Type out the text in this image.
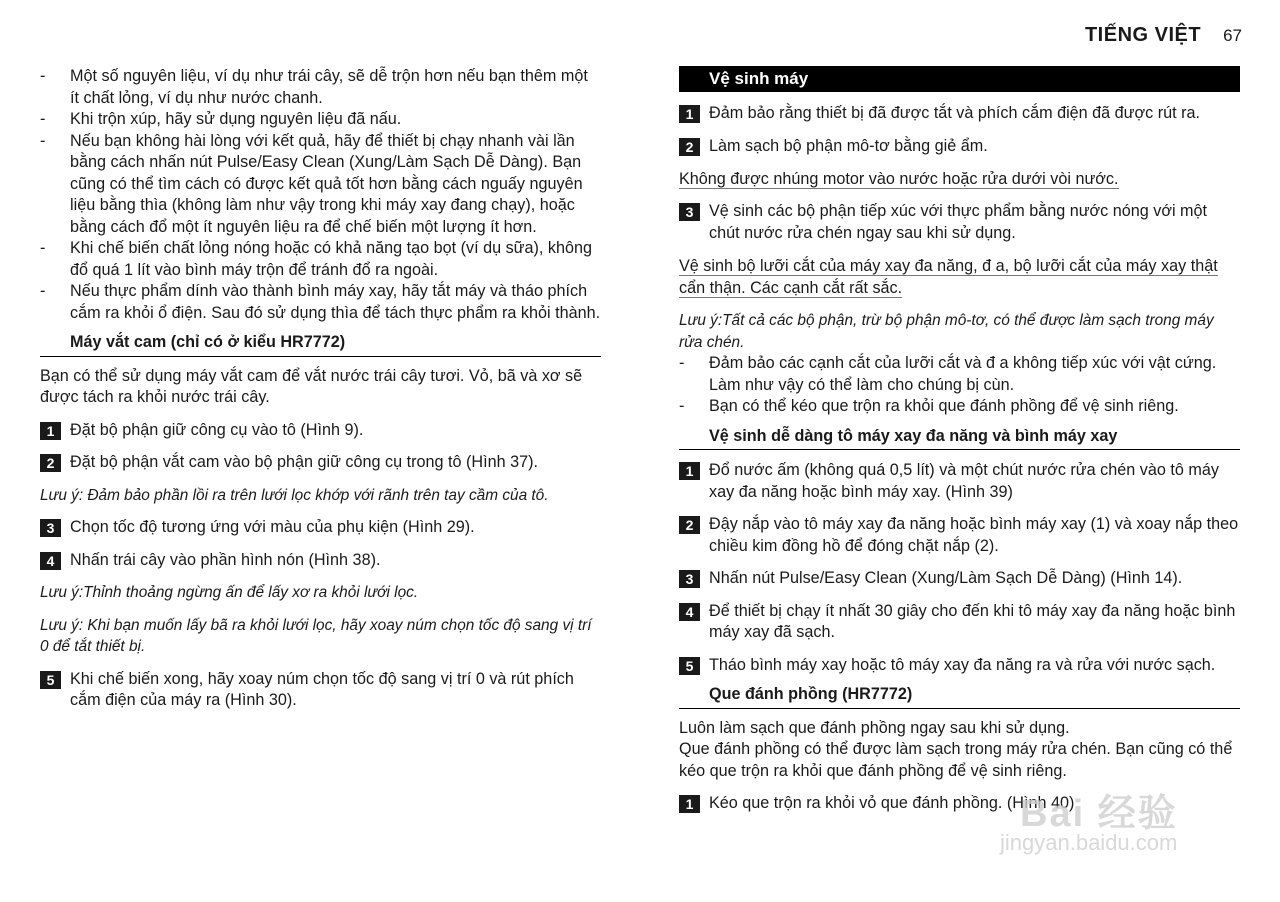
TIẾNG VIỆT 67
-	Một số nguyên liệu, ví dụ như trái cây, sẽ dễ trộn hơn nếu bạn thêm một ít chất lỏng, ví dụ như nước chanh.
-	Khi trộn xúp, hãy sử dụng nguyên liệu đã nấu.
-	Nếu bạn không hài lòng với kết quả, hãy để thiết bị chạy nhanh vài lần bằng cách nhấn nút Pulse/Easy Clean (Xung/Làm Sạch Dễ Dàng). Bạn cũng có thể tìm cách có được kết quả tốt hơn bằng cách nguấy nguyên liệu bằng thìa (không làm như vậy trong khi máy xay đang chạy), hoặc bằng cách đổ một ít nguyên liệu ra để chế biến một lượng ít hơn.
-	Khi chế biến chất lỏng nóng hoặc có khả năng tạo bọt (ví dụ sữa), không đổ quá 1 lít vào bình máy trộn để tránh đổ ra ngoài.
-	Nếu thực phẩm dính vào thành bình máy xay, hãy tắt máy và tháo phích cắm ra khỏi ổ điện. Sau đó sử dụng thìa để tách thực phẩm ra khỏi thành.
Máy vắt cam (chỉ có ở kiểu HR7772)

Bạn có thể sử dụng máy vắt cam để vắt nước trái cây tươi. Vỏ, bã và xơ sẽ được tách ra khỏi nước trái cây.

1 Đặt bộ phận giữ công cụ vào tô (Hình 9).
2 Đặt bộ phận vắt cam vào bộ phận giữ công cụ trong tô (Hình 37).
Lưu ý: Đảm bảo phần lồi ra trên lưới lọc khớp với rãnh trên tay cầm của tô.
3 Chọn tốc độ tương ứng với màu của phụ kiện (Hình 29).
4 Nhấn trái cây vào phần hình nón (Hình 38).
Lưu ý:Thỉnh thoảng ngừng ấn để lấy xơ ra khỏi lưới lọc.
Lưu ý: Khi bạn muốn lấy bã ra khỏi lưới lọc, hãy xoay núm chọn tốc độ sang vị trí 0 để tắt thiết bị.
5 Khi chế biến xong, hãy xoay núm chọn tốc độ sang vị trí 0 và rút phích cắm điện của máy ra (Hình 30).
Vệ sinh máy
1 Đảm bảo rằng thiết bị đã được tắt và phích cắm điện đã được rút ra.
2 Làm sạch bộ phận mô-tơ bằng giẻ ẩm.
Không được nhúng motor vào nước hoặc rửa dưới vòi nước.
3 Vệ sinh các bộ phận tiếp xúc với thực phẩm bằng nước nóng với một chút nước rửa chén ngay sau khi sử dụng.
Vệ sinh bộ lưỡi cắt của máy xay đa năng, đ a, bộ lưỡi cắt của máy xay thật cẩn thận. Các cạnh cắt rất sắc.
Lưu ý:Tất cả các bộ phận, trừ bộ phận mô-tơ, có thể được làm sạch trong máy rửa chén.
-	Đảm bảo các cạnh cắt của lưỡi cắt và đ a không tiếp xúc với vật cứng. Làm như vậy có thể làm cho chúng bị cùn.
-	Bạn có thể kéo que trộn ra khỏi que đánh phồng để vệ sinh riêng.
Vệ sinh dễ dàng tô máy xay đa năng và bình máy xay
1 Đổ nước ấm (không quá 0,5 lít) và một chút nước rửa chén vào tô máy xay đa năng hoặc bình máy xay. (Hình 39)
2 Đậy nắp vào tô máy xay đa năng hoặc bình máy xay (1) và xoay nắp theo chiều kim đồng hồ để đóng chặt nắp (2).
3 Nhấn nút Pulse/Easy Clean (Xung/Làm Sạch Dễ Dàng) (Hình 14).
4 Để thiết bị chạy ít nhất 30 giây cho đến khi tô máy xay đa năng hoặc bình máy xay đã sạch.
5 Tháo bình máy xay hoặc tô máy xay đa năng ra và rửa với nước sạch.
Que đánh phồng (HR7772)

Luôn làm sạch que đánh phồng ngay sau khi sử dụng.

Que đánh phồng có thể được làm sạch trong máy rửa chén. Bạn cũng có thể kéo que trộn ra khỏi que đánh phồng để vệ sinh riêng.

1 Kéo que trộn ra khỏi vỏ que đánh phồng. (Hình 40)
Bai 经验
jingyan.baidu.com
